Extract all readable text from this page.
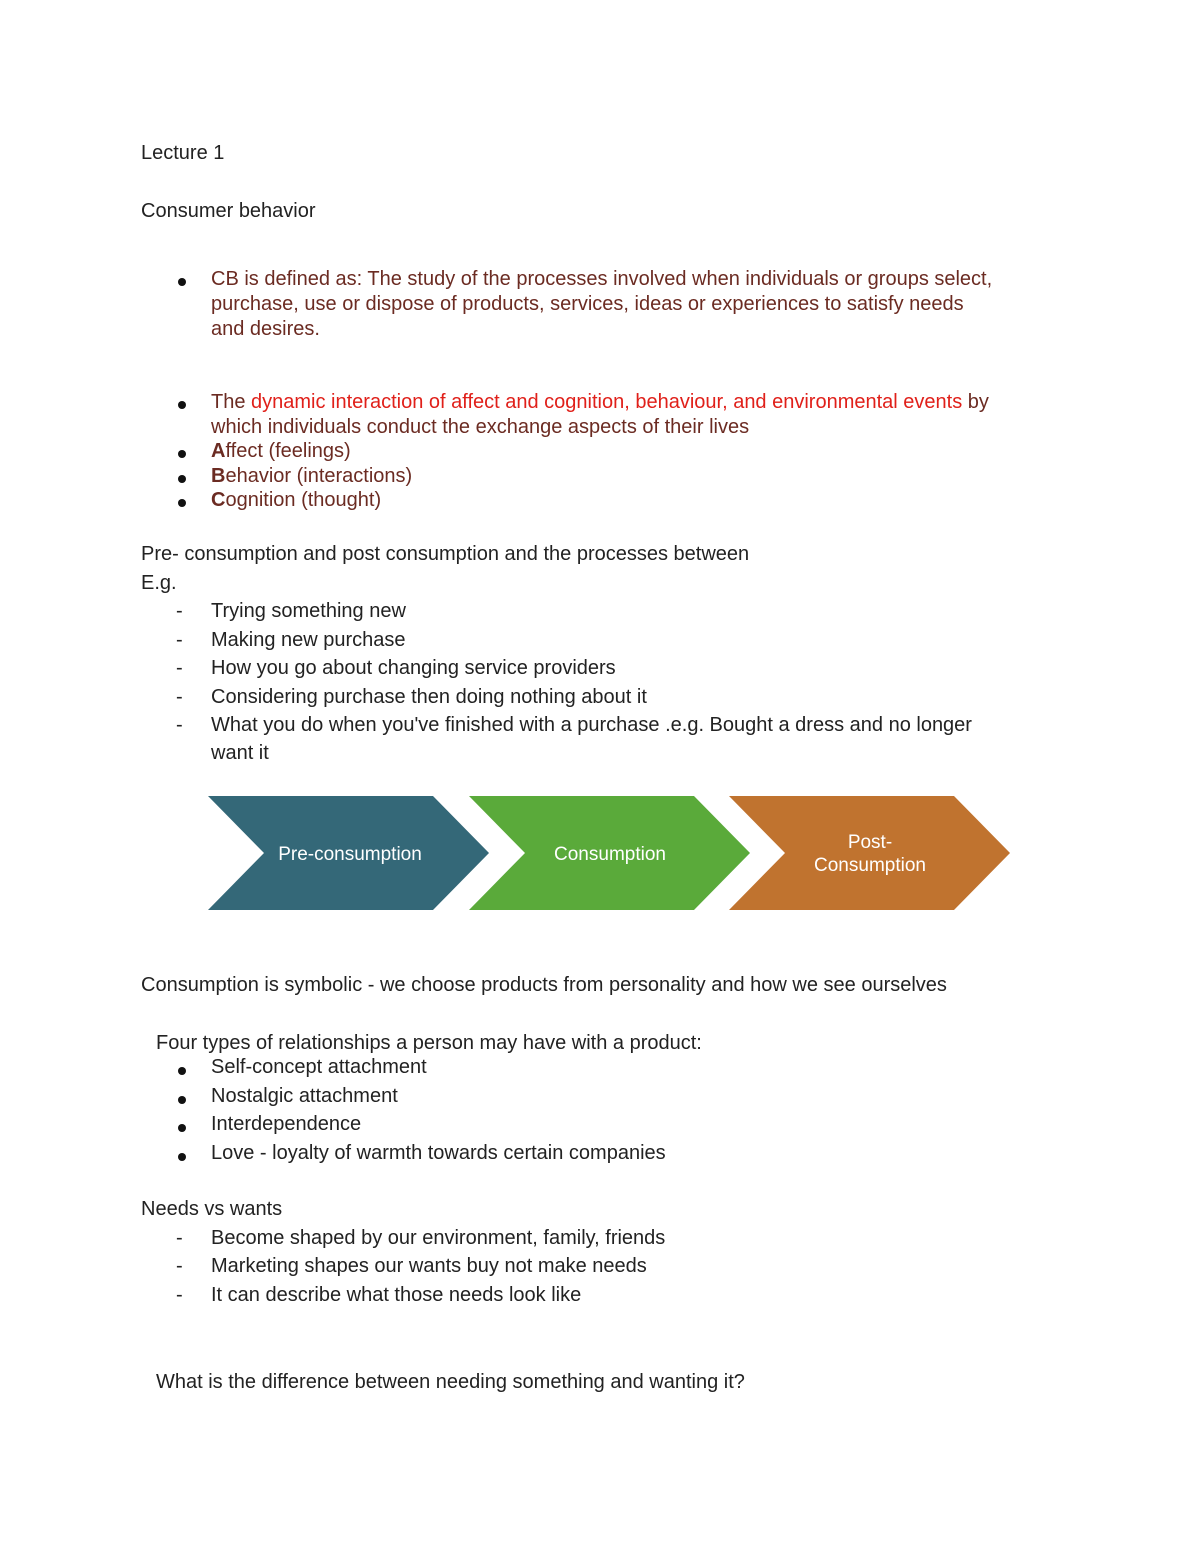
Lecture 1
Consumer behavior
CB is defined as: The study of the processes involved when individuals or groups select,
purchase, use or dispose of products, services, ideas or experiences to satisfy needs
and desires.
The dynamic interaction of affect and cognition, behaviour, and environmental events by
which individuals conduct the exchange aspects of their lives
Affect (feelings)
Behavior (interactions)
Cognition (thought)
Pre- consumption and post consumption and the processes between
E.g.
- Trying something new
- Making new purchase
- How you go about changing service providers
- Considering purchase then doing nothing about it
- What you do when you've finished with a purchase .e.g. Bought a dress and no longer
want it
Pre-consumption	Consumption
Post-
Consumption
Consumption is symbolic - we choose products from personality and how we see ourselves
Four types of relationships a person may have with a product:
Self-concept attachment
Nostalgic attachment
Interdependence
Love - loyalty of warmth towards certain companies
Needs vs wants
- Become shaped by our environment, family, friends
- Marketing shapes our wants buy not make needs
- It can describe what those needs look like
What is the difference between needing something and wanting it?
